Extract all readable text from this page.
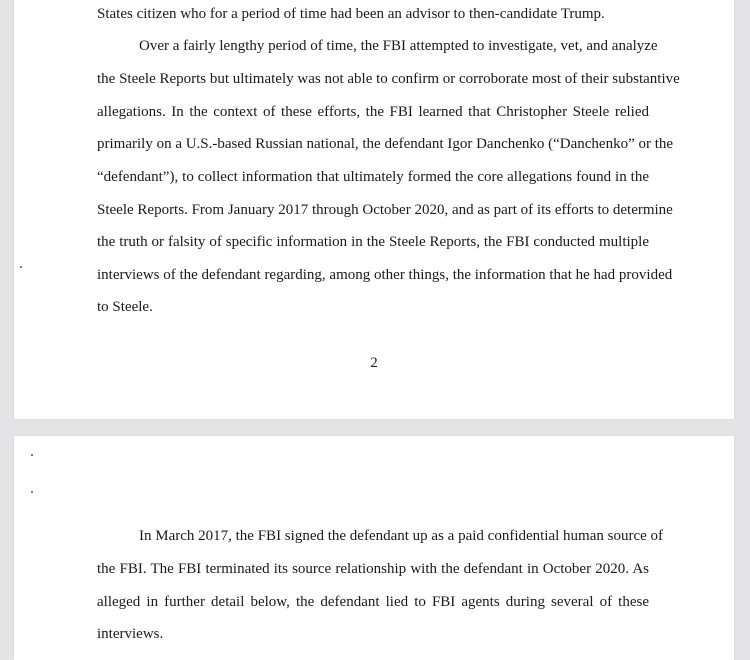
States citizen who for a period of time had been an advisor to then-candidate Trump.
Over a fairly lengthy period of time, the FBI attempted to investigate, vet, and analyze
the Steele Reports but ultimately was not able to confirm or corroborate most of their substantive
allegations. In the context of these efforts, the FBI learned that Christopher Steele relied
primarily on a U.S.-based Russian national, the defendant Igor Danchenko (“Danchenko” or the
“defendant”), to collect information that ultimately formed the core allegations found in the
Steele Reports. From January 2017 through October 2020, and as part of its efforts to determine
the truth or falsity of specific information in the Steele Reports, the FBI conducted multiple
interviews of the defendant regarding, among other things, the information that he had provided
to Steele.
2
In March 2017, the FBI signed the defendant up as a paid confidential human source of
the FBI. The FBI terminated its source relationship with the defendant in October 2020. As
alleged in further detail below, the defendant lied to FBI agents during several of these
interviews.
